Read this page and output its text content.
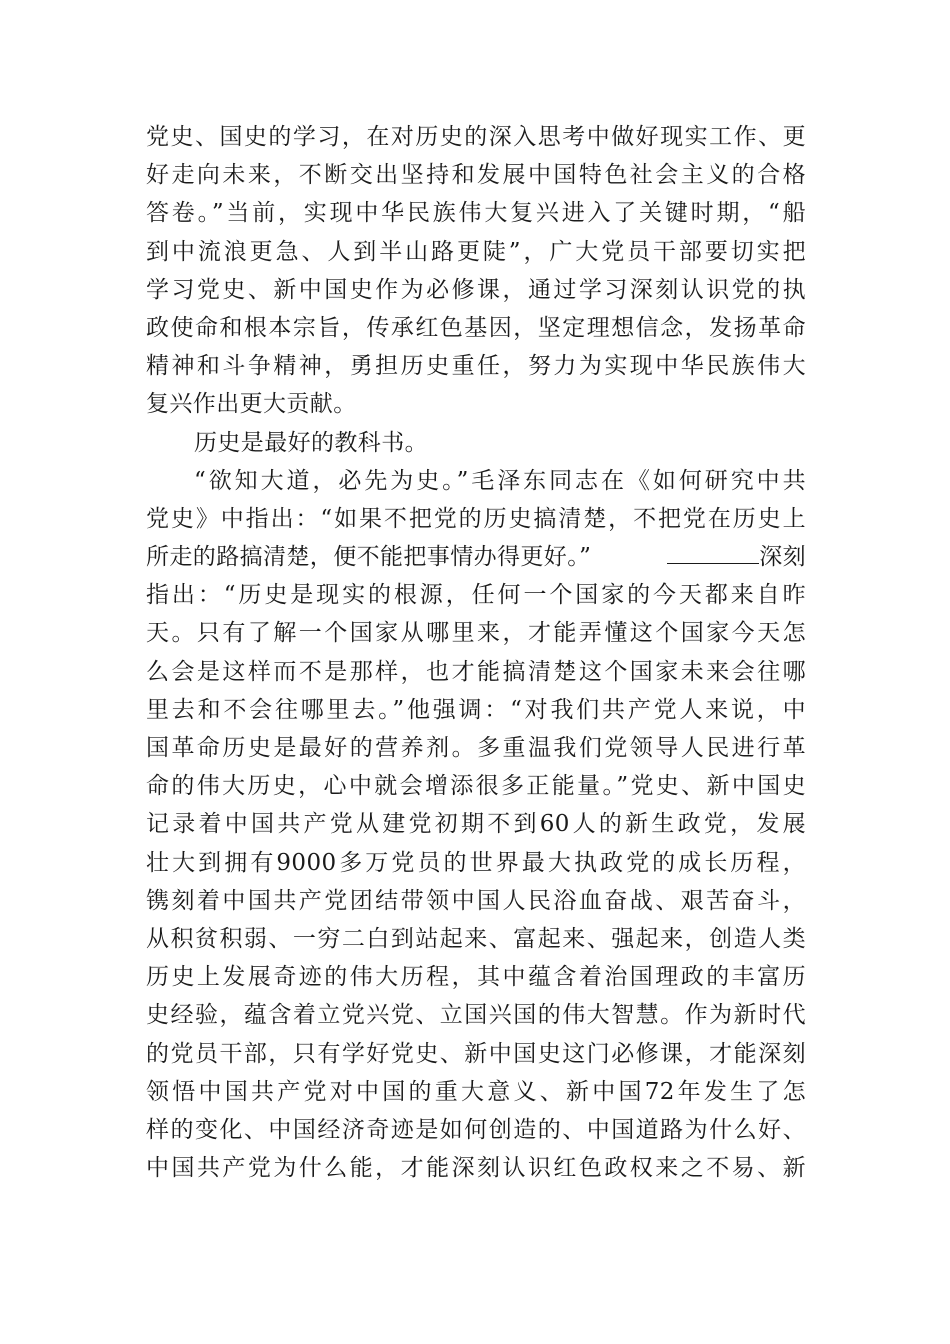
党史、国史的学习，在对历史的深入思考中做好现实工作、更
好走向未来，不断交出坚持和发展中国特色社会主义的合格
答卷。”当前，实现中华民族伟大复兴进入了关键时期，“船
到中流浪更急、人到半山路更陡”，广大党员干部要切实把
学习党史、新中国史作为必修课，通过学习深刻认识党的执
政使命和根本宗旨，传承红色基因，坚定理想信念，发扬革命
精神和斗争精神，勇担历史重任，努力为实现中华民族伟大
复兴作出更大贡献。
历史是最好的教科书。
“欲知大道，必先为史。”毛泽东同志在《如何研究中共
党史》中指出：“如果不把党的历史搞清楚，不把党在历史上
所走的路搞清楚，便不能把事情办得更好。”	深刻
指出：“历史是现实的根源，任何一个国家的今天都来自昨
天。只有了解一个国家从哪里来，才能弄懂这个国家今天怎
么会是这样而不是那样，也才能搞清楚这个国家未来会往哪
里去和不会往哪里去。”他强调：“对我们共产党人来说，中
国革命历史是最好的营养剂。多重温我们党领导人民进行革
命的伟大历史，心中就会增添很多正能量。”党史、新中国史
记录着中国共产党从建党初期不到60人的新生政党，发展
壮大到拥有9000多万党员的世界最大执政党的成长历程，
镌刻着中国共产党团结带领中国人民浴血奋战、艰苦奋斗，
从积贫积弱、一穷二白到站起来、富起来、强起来，创造人类
历史上发展奇迹的伟大历程，其中蕴含着治国理政的丰富历
史经验，蕴含着立党兴党、立国兴国的伟大智慧。作为新时代
的党员干部，只有学好党史、新中国史这门必修课，才能深刻
领悟中国共产党对中国的重大意义、新中国72年发生了怎
样的变化、中国经济奇迹是如何创造的、中国道路为什么好、
中国共产党为什么能，才能深刻认识红色政权来之不易、新
